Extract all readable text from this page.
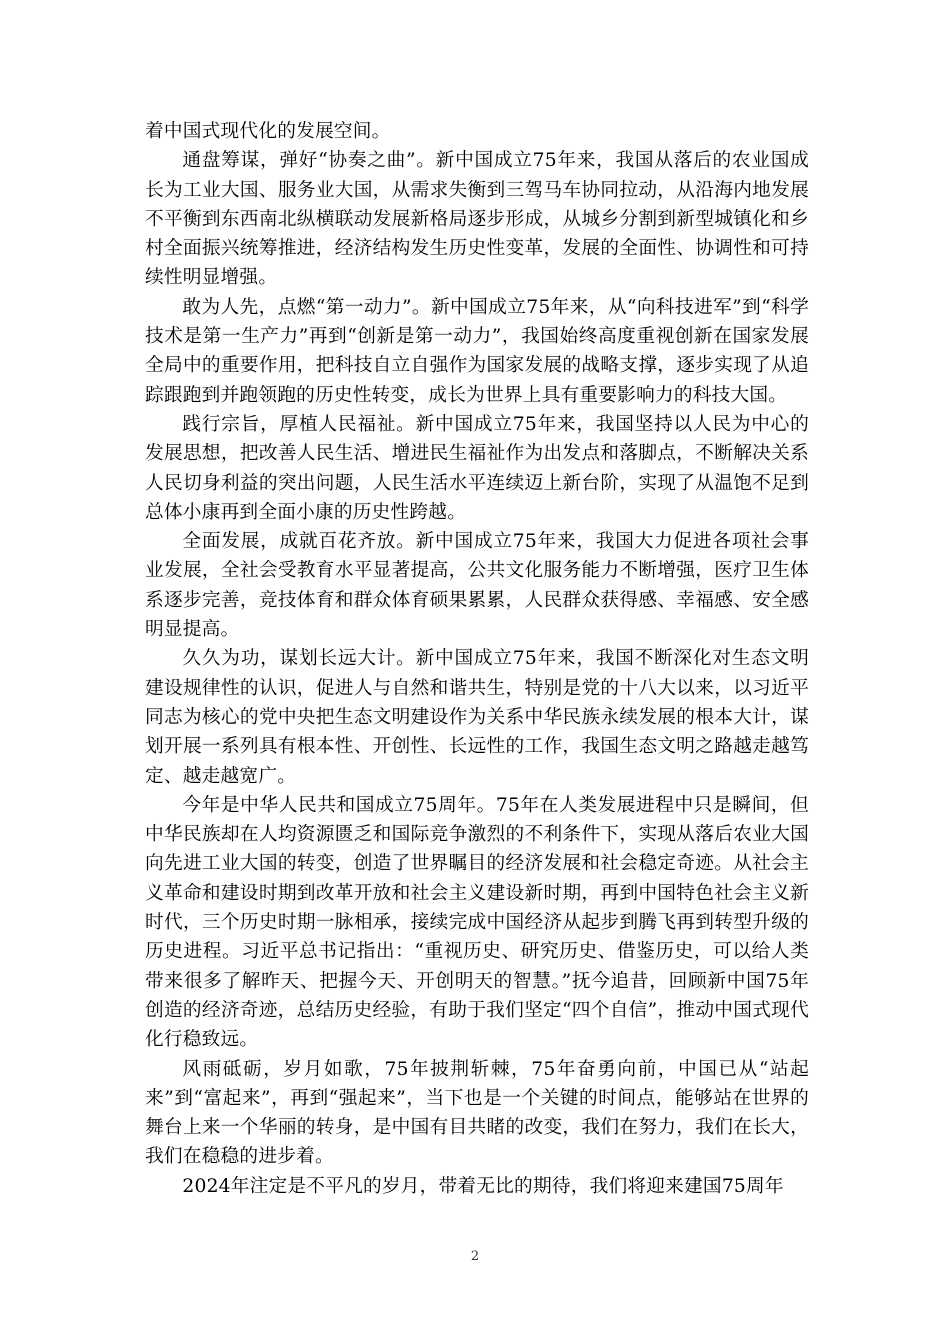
着中国式现代化的发展空间。

通盘筹谋，弹好“协奏之曲”。新中国成立75年来，我国从落后的农业国成长为工业大国、服务业大国，从需求失衡到三驾马车协同拉动，从沿海内地发展不平衡到东西南北纵横联动发展新格局逐步形成，从城乡分割到新型城镇化和乡村全面振兴统筹推进，经济结构发生历史性变革，发展的全面性、协调性和可持续性明显增强。

敢为人先，点燃“第一动力”。新中国成立75年来，从“向科技进军”到“科学技术是第一生产力”再到“创新是第一动力”，我国始终高度重视创新在国家发展全局中的重要作用，把科技自立自强作为国家发展的战略支撑，逐步实现了从追踪跟跑到并跑领跑的历史性转变，成长为世界上具有重要影响力的科技大国。

践行宗旨，厚植人民福祉。新中国成立75年来，我国坚持以人民为中心的发展思想，把改善人民生活、增进民生福祉作为出发点和落脚点，不断解决关系人民切身利益的突出问题，人民生活水平连续迈上新台阶，实现了从温饱不足到总体小康再到全面小康的历史性跨越。

全面发展，成就百花齐放。新中国成立75年来，我国大力促进各项社会事业发展，全社会受教育水平显著提高，公共文化服务能力不断增强，医疗卫生体系逐步完善，竞技体育和群众体育硕果累累，人民群众获得感、幸福感、安全感明显提高。

久久为功，谋划长远大计。新中国成立75年来，我国不断深化对生态文明建设规律性的认识，促进人与自然和谐共生，特别是党的十八大以来，以习近平同志为核心的党中央把生态文明建设作为关系中华民族永续发展的根本大计，谋划开展一系列具有根本性、开创性、长远性的工作，我国生态文明之路越走越笃定、越走越宽广。

今年是中华人民共和国成立75周年。75年在人类发展进程中只是瞬间，但中华民族却在人均资源匮乏和国际竞争激烈的不利条件下，实现从落后农业大国向先进工业大国的转变，创造了世界瞩目的经济发展和社会稳定奇迹。从社会主义革命和建设时期到改革开放和社会主义建设新时期，再到中国特色社会主义新时代，三个历史时期一脉相承，接续完成中国经济从起步到腾飞再到转型升级的历史进程。习近平总书记指出：“重视历史、研究历史、借鉴历史，可以给人类带来很多了解昨天、把握今天、开创明天的智慧。”抚今追昔，回顾新中国75年创造的经济奇迹，总结历史经验，有助于我们坚定“四个自信”，推动中国式现代化行稳致远。

风雨砥砺，岁月如歌，75年披荆斩棘，75年奋勇向前，中国已从“站起来”到“富起来”，再到“强起来”，当下也是一个关键的时间点，能够站在世界的舞台上来一个华丽的转身，是中国有目共睹的改变，我们在努力，我们在长大，我们在稳稳的进步着。

2024年注定是不平凡的岁月，带着无比的期待，我们将迎来建国75周年

2
